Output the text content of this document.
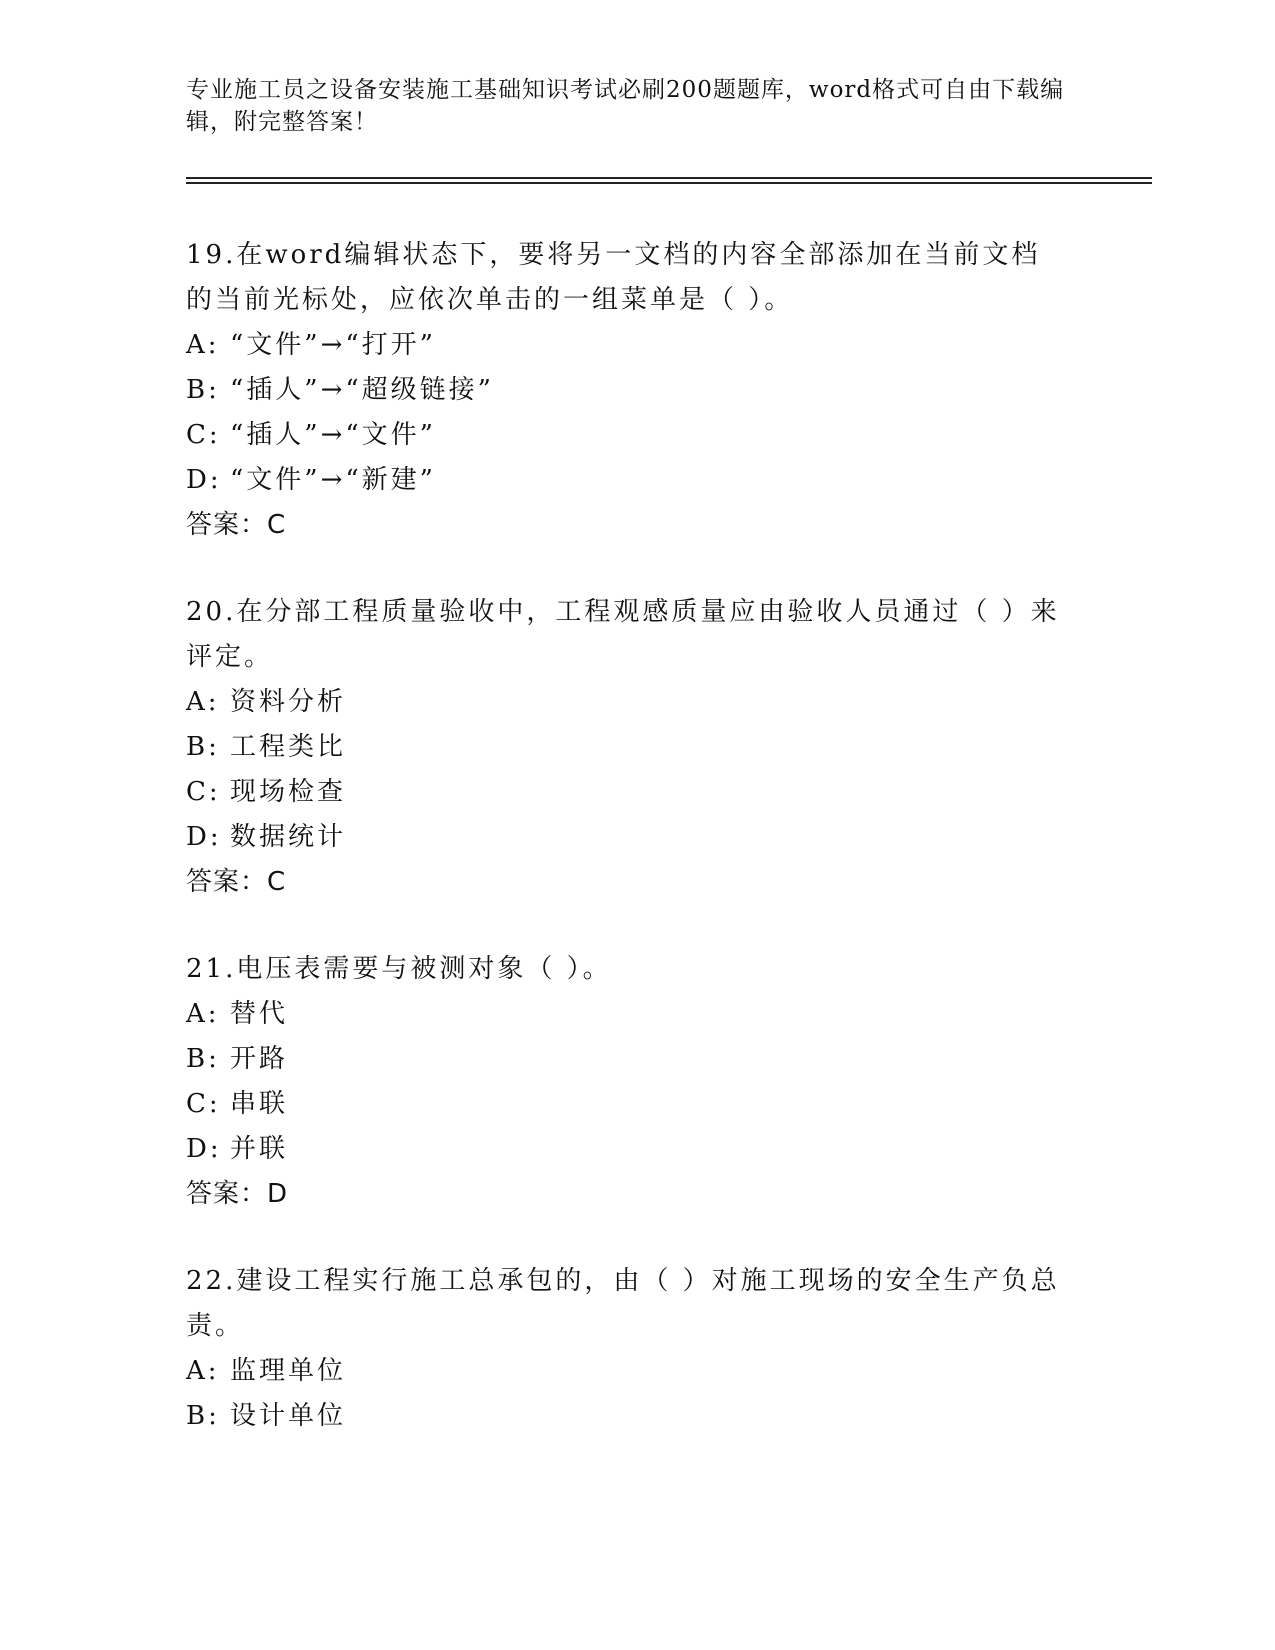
专业施工员之设备安装施工基础知识考试必刷200题题库，word格式可自由下载编辑，附完整答案！

19.在word编辑状态下，要将另一文档的内容全部添加在当前文档的当前光标处，应依次单击的一组菜单是（ ）。

A: “文件”→“打开”

B: “插人”→“超级链接”

C: “插人”→“文件”

D: “文件”→“新建”

答案：C

20.在分部工程质量验收中，工程观感质量应由验收人员通过（ ）来评定。

A: 资料分析

B: 工程类比

C: 现场检查

D: 数据统计

答案：C

21.电压表需要与被测对象（ ）。

A: 替代

B: 开路

C: 串联

D: 并联

答案：D

22.建设工程实行施工总承包的，由（ ）对施工现场的安全生产负总责。

A: 监理单位

B: 设计单位
